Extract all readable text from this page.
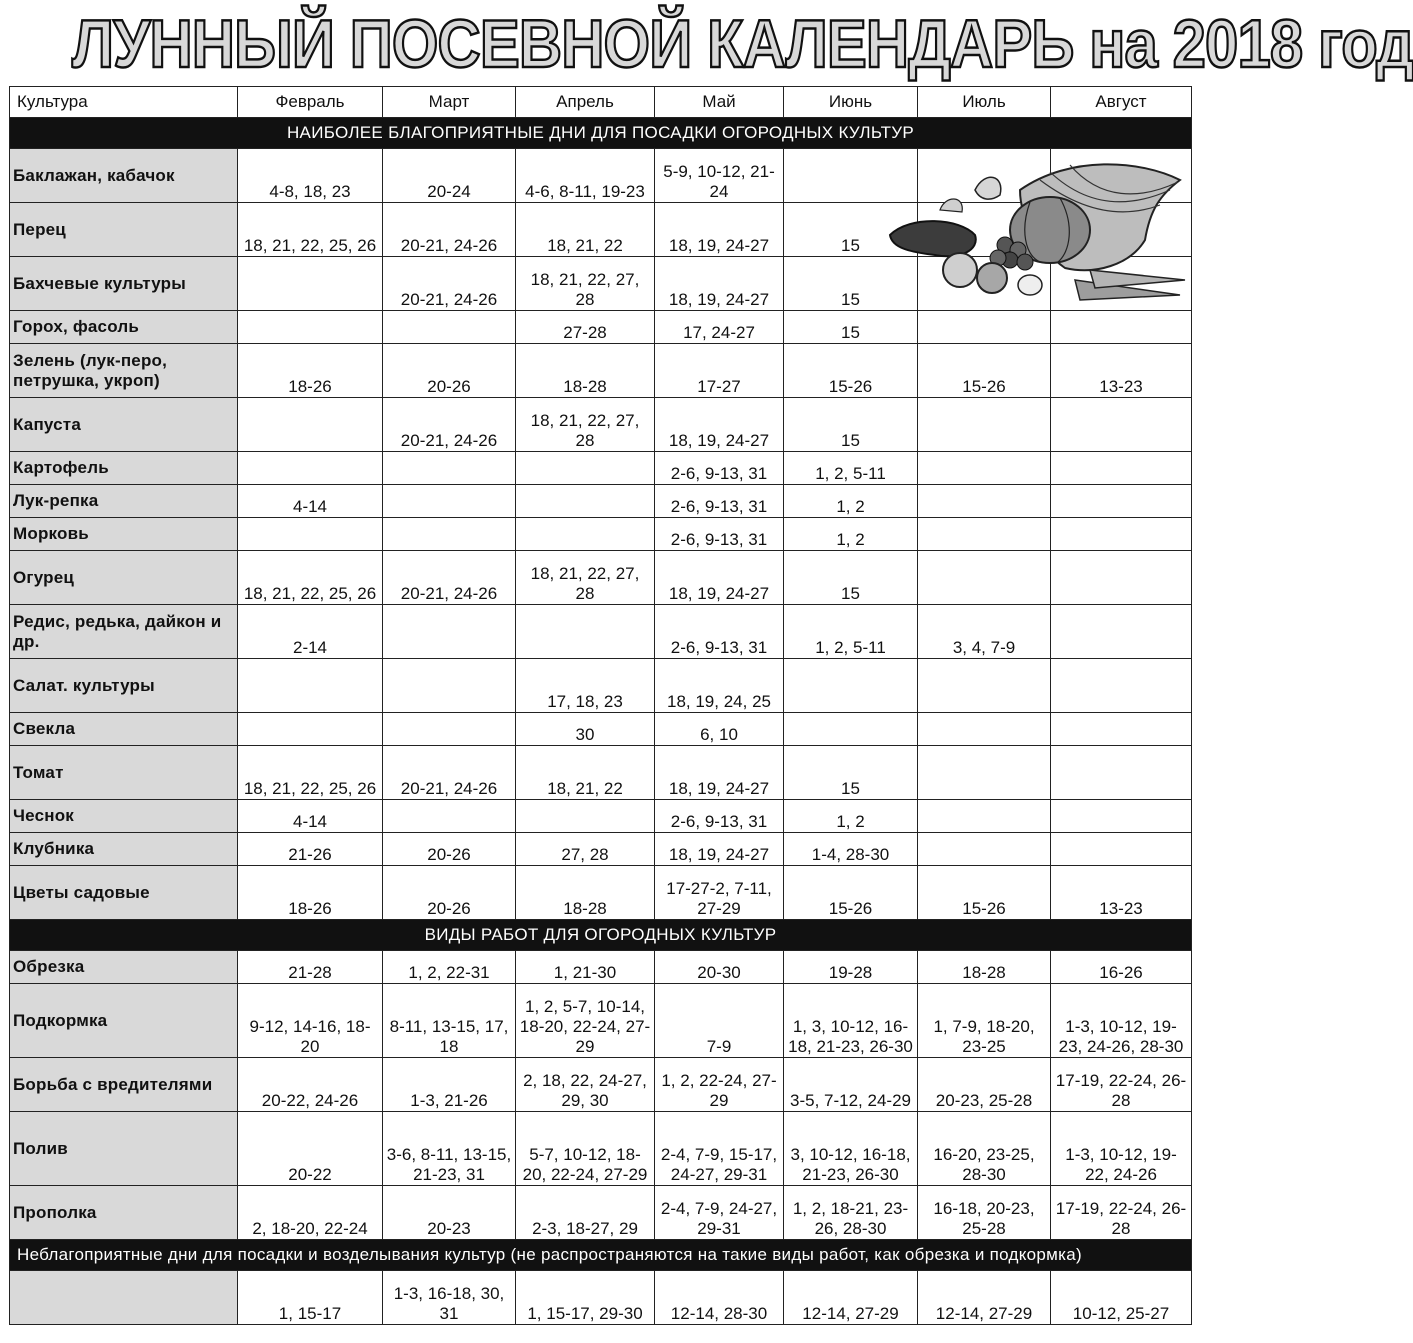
ЛУННЫЙ ПОСЕВНОЙ КАЛЕНДАРЬ на 2018 год
Культура	Февраль	Март	Апрель	Май	Июнь	Июль	Август
НАИБОЛЕЕ БЛАГОПРИЯТНЫЕ ДНИ ДЛЯ ПОСАДКИ ОГОРОДНЫХ КУЛЬТУР							
Баклажан, кабачок	4-8, 18, 23	20-24	4-6, 8-11, 19-23	5-9, 10-12, 21-24			
Перец	18, 21, 22, 25, 26	20-21, 24-26	18, 21, 22	18, 19, 24-27	15		
Бахчевые культуры		20-21, 24-26	18, 21, 22, 27, 28	18, 19, 24-27	15		
Горох, фасоль			27-28	17, 24-27	15		
Зелень (лук-перо, петрушка, укроп)	18-26	20-26	18-28	17-27	15-26	15-26	13-23
Капуста		20-21, 24-26	18, 21, 22, 27, 28	18, 19, 24-27	15		
Картофель				2-6, 9-13, 31	1, 2, 5-11		
Лук-репка	4-14			2-6, 9-13, 31	1, 2		
Морковь				2-6, 9-13, 31	1, 2		
Огурец	18, 21, 22, 25, 26	20-21, 24-26	18, 21, 22, 27, 28	18, 19, 24-27	15		
Редис, редька, дайкон и др.	2-14			2-6, 9-13, 31	1, 2, 5-11	3, 4, 7-9	
Салат. культуры			17, 18, 23	18, 19, 24, 25			
Свекла			30	6, 10			
Томат	18, 21, 22, 25, 26	20-21, 24-26	18, 21, 22	18, 19, 24-27	15		
Чеснок	4-14			2-6, 9-13, 31	1, 2		
Клубника	21-26	20-26	27, 28	18, 19, 24-27	1-4, 28-30		
Цветы садовые	18-26	20-26	18-28	17-27-2, 7-11, 27-29	15-26	15-26	13-23
ВИДЫ РАБОТ ДЛЯ ОГОРОДНЫХ КУЛЬТУР							
Обрезка	21-28	1, 2, 22-31	1, 21-30	20-30	19-28	18-28	16-26
Подкормка	9-12, 14-16, 18-20	8-11, 13-15, 17, 18	1, 2, 5-7, 10-14, 18-20, 22-24, 27-29	7-9	1, 3, 10-12, 16-18, 21-23, 26-30	1, 7-9, 18-20, 23-25	1-3, 10-12, 19-23, 24-26, 28-30
Борьба с вредителями	20-22, 24-26	1-3, 21-26	2, 18, 22, 24-27, 29, 30	1, 2, 22-24, 27-29	3-5, 7-12, 24-29	20-23, 25-28	17-19, 22-24, 26-28
Полив	20-22	3-6, 8-11, 13-15, 21-23, 31	5-7, 10-12, 18-20, 22-24, 27-29	2-4, 7-9, 15-17, 24-27, 29-31	3, 10-12, 16-18, 21-23, 26-30	16-20, 23-25, 28-30	1-3, 10-12, 19-22, 24-26
Прополка	2, 18-20, 22-24	20-23	2-3, 18-27, 29	2-4, 7-9, 24-27, 29-31	1, 2, 18-21, 23-26, 28-30	16-18, 20-23, 25-28	17-19, 22-24, 26-28
Неблагоприятные дни для посадки и возделывания культур (не распространяются на такие виды работ, как обрезка и подкормка)							
	1, 15-17	1-3, 16-18, 30, 31	1, 15-17, 29-30	12-14, 28-30	12-14, 27-29	12-14, 27-29	10-12, 25-27
